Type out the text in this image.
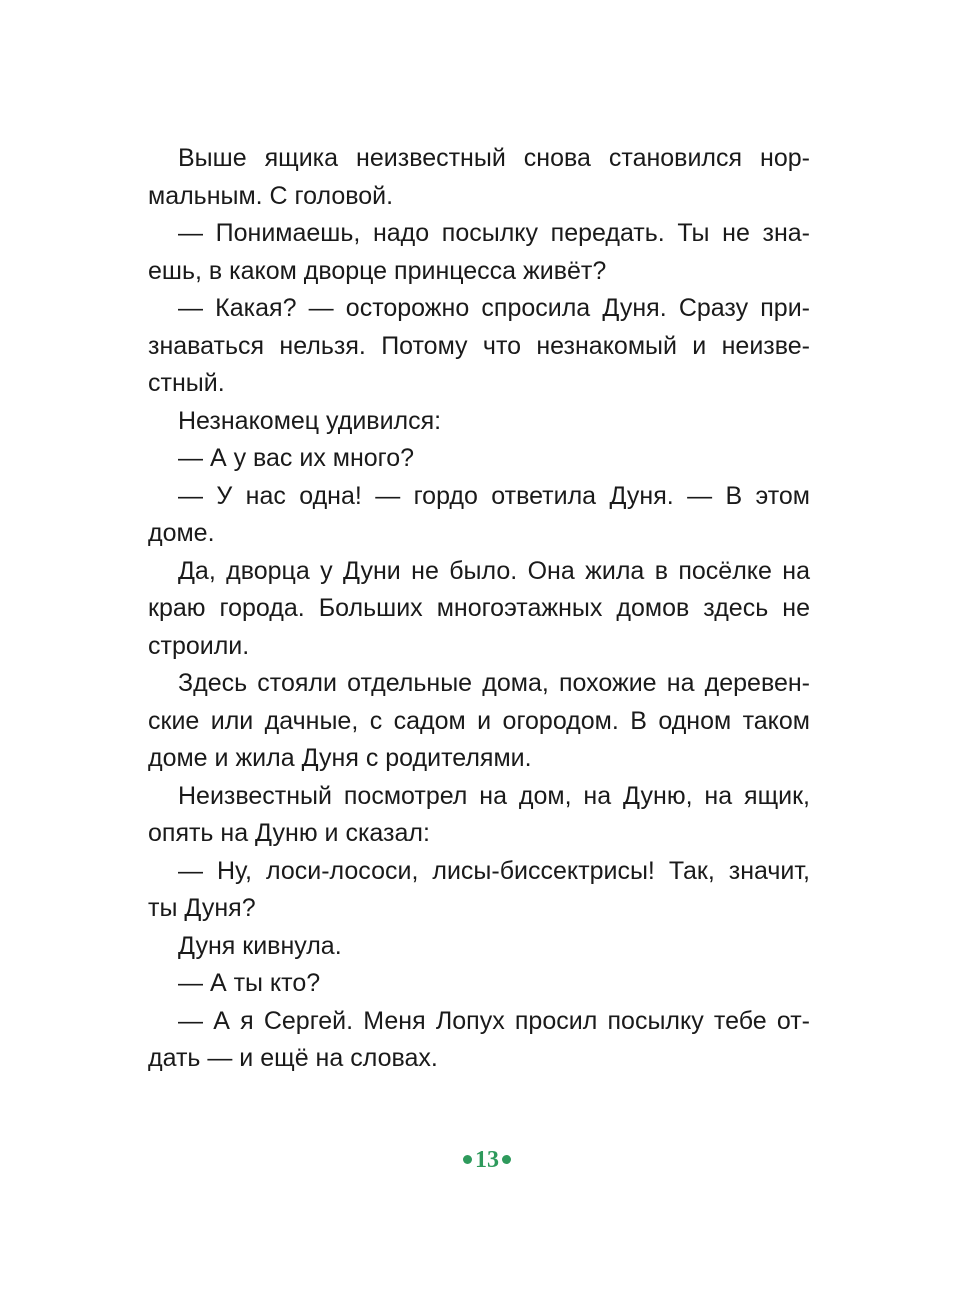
Выше ящика неизвестный снова становился нормальным. С головой.

— Понимаешь, надо посылку передать. Ты не знаешь, в каком дворце принцесса живёт?

— Какая? — осторожно спросила Дуня. Сразу признаваться нельзя. Потому что незнакомый и неизвестный.

Незнакомец удивился:

— А у вас их много?

— У нас одна! — гордо ответила Дуня. — В этом доме.

Да, дворца у Дуни не было. Она жила в посёлке на краю города. Больших многоэтажных домов здесь не строили.

Здесь стояли отдельные дома, похожие на деревенские или дачные, с садом и огородом. В одном таком доме и жила Дуня с родителями.

Неизвестный посмотрел на дом, на Дуню, на ящик, опять на Дуню и сказал:

— Ну, лоси-лососи, лисы-биссектрисы! Так, значит, ты Дуня?

Дуня кивнула.

— А ты кто?

— А я Сергей. Меня Лопух просил посылку тебе отдать — и ещё на словах.

13
